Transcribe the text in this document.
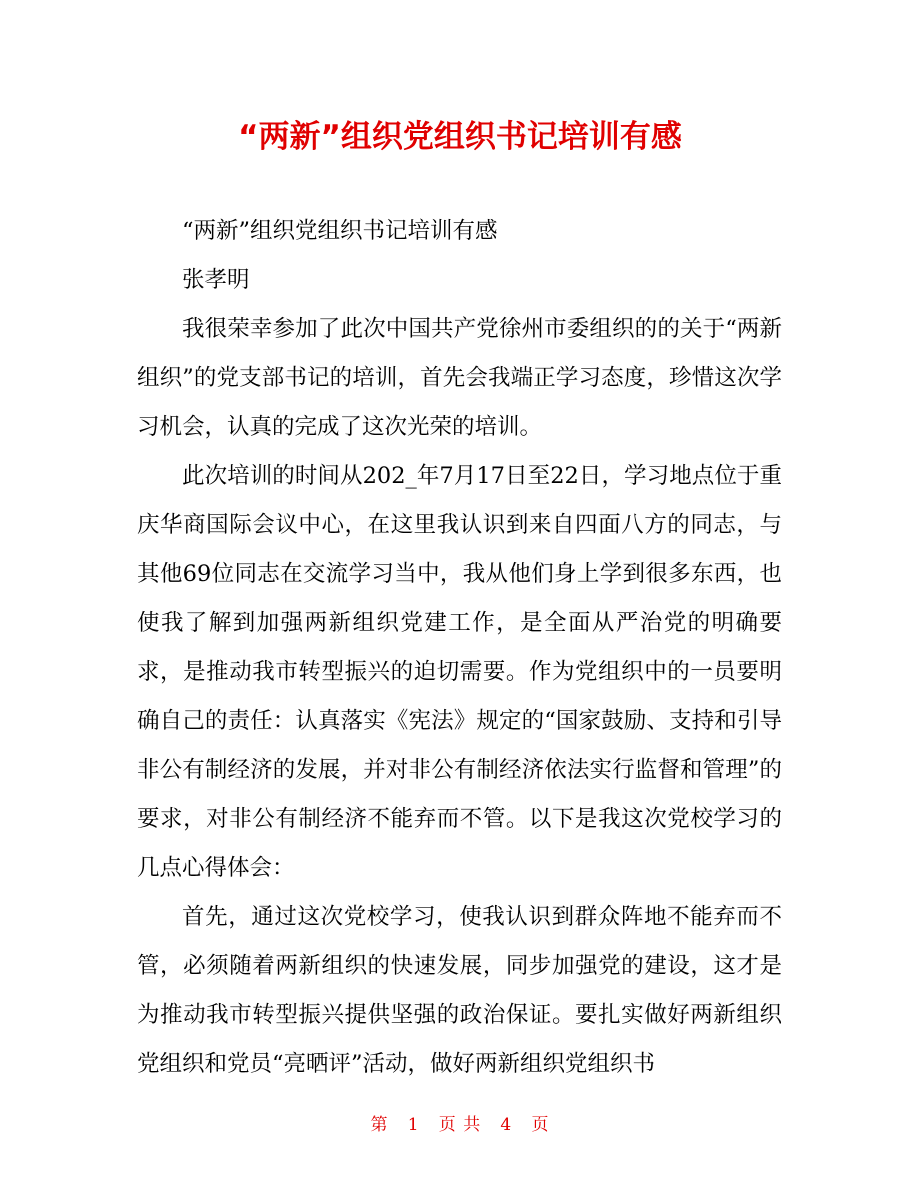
“两新”组织党组织书记培训有感

“两新”组织党组织书记培训有感

张孝明

我很荣幸参加了此次中国共产党徐州市委组织的的关于“两新组织”的党支部书记的培训，首先会我端正学习态度，珍惜这次学习机会，认真的完成了这次光荣的培训。

此次培训的时间从202_年7月17日至22日，学习地点位于重庆华商国际会议中心，在这里我认识到来自四面八方的同志，与其他69位同志在交流学习当中，我从他们身上学到很多东西，也使我了解到加强两新组织党建工作，是全面从严治党的明确要求，是推动我市转型振兴的迫切需要。作为党组织中的一员要明确自己的责任：认真落实《宪法》规定的“国家鼓励、支持和引导非公有制经济的发展，并对非公有制经济依法实行监督和管理”的要求，对非公有制经济不能弃而不管。以下是我这次党校学习的几点心得体会：

首先，通过这次党校学习，使我认识到群众阵地不能弃而不管，必须随着两新组织的快速发展，同步加强党的建设，这才是为推动我市转型振兴提供坚强的政治保证。要扎实做好两新组织党组织和党员“亮晒评”活动，做好两新组织党组织书

第 1 页 共 4 页
